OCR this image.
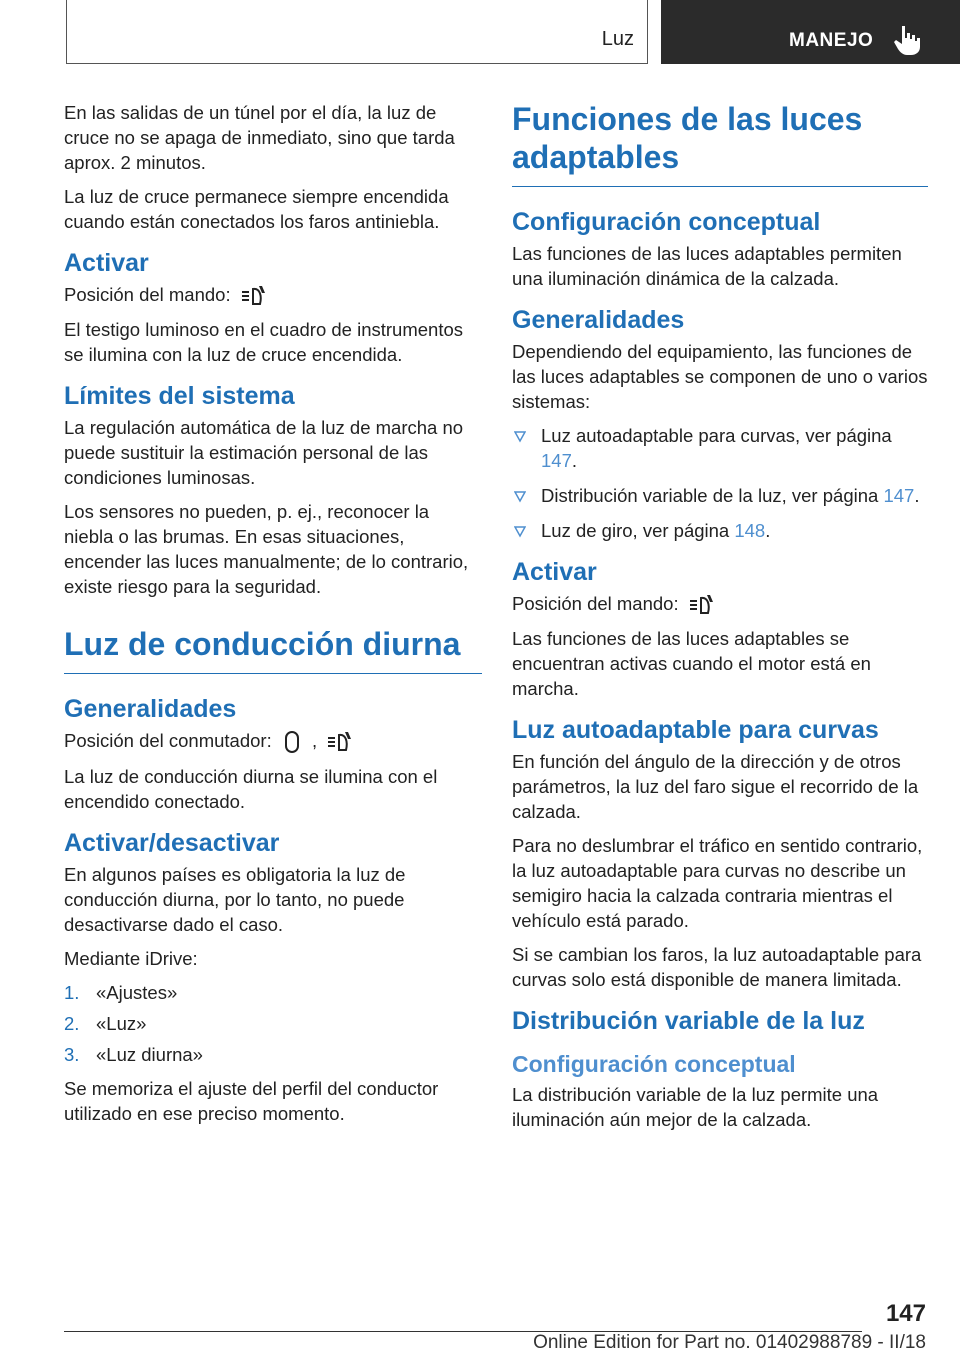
Luz	MANEJO

En las salidas de un túnel por el día, la luz de cruce no se apaga de inmediato, sino que tarda aprox. 2 minutos.

La luz de cruce permanece siempre encendida cuando están conectados los faros antiniebla.

Activar

Posición del mando:

El testigo luminoso en el cuadro de instrumentos se ilumina con la luz de cruce encendida.

Límites del sistema

La regulación automática de la luz de marcha no puede sustituir la estimación personal de las condiciones luminosas.

Los sensores no pueden, p. ej., reconocer la niebla o las brumas. En esas situaciones, encender las luces manualmente; de lo contrario, existe riesgo para la seguridad.

Luz de conducción diurna
Generalidades

Posición del conmutador: ,

La luz de conducción diurna se ilumina con el encendido conectado.

Activar/desactivar

En algunos países es obligatoria la luz de conducción diurna, por lo tanto, no puede desactivarse dado el caso.

Mediante iDrive:

1. «Ajustes»
2. «Luz»
3. «Luz diurna»

Se memoriza el ajuste del perfil del conductor utilizado en ese preciso momento.

Funciones de las luces adaptables
Configuración conceptual

Las funciones de las luces adaptables permiten una iluminación dinámica de la calzada.

Generalidades

Dependiendo del equipamiento, las funciones de las luces adaptables se componen de uno o varios sistemas:

Luz autoadaptable para curvas, ver página 147.
Distribución variable de la luz, ver página 147.
Luz de giro, ver página 148.
Activar

Posición del mando:

Las funciones de las luces adaptables se encuentran activas cuando el motor está en marcha.

Luz autoadaptable para curvas

En función del ángulo de la dirección y de otros parámetros, la luz del faro sigue el recorrido de la calzada.

Para no deslumbrar el tráfico en sentido contrario, la luz autoadaptable para curvas no describe un semigiro hacia la calzada contraria mientras el vehículo está parado.

Si se cambian los faros, la luz autoadaptable para curvas solo está disponible de manera limitada.

Distribución variable de la luz
Configuración conceptual

La distribución variable de la luz permite una iluminación aún mejor de la calzada.

147
Online Edition for Part no. 01402988789 - II/18
